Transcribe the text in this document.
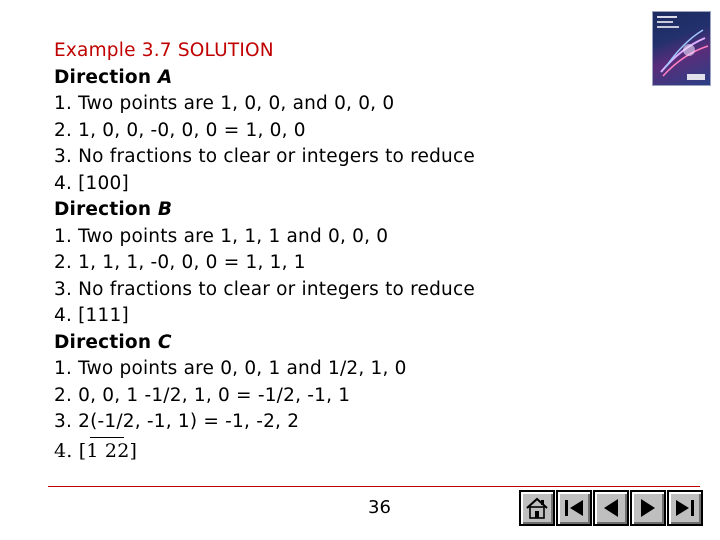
Example 3.7 SOLUTION
Direction A
1. Two points are 1, 0, 0, and 0, 0, 0
2. 1, 0, 0, -0, 0, 0 = 1, 0, 0
3. No fractions to clear or integers to reduce
4. [100]
Direction B
1. Two points are 1, 1, 1 and 0, 0, 0
2. 1, 1, 1, -0, 0, 0 = 1, 1, 1
3. No fractions to clear or integers to reduce
4. [111]
Direction C
1. Two points are 0, 0, 1 and 1/2, 1, 0
2. 0, 0, 1 -1/2, 1, 0 = -1/2, -1, 1
3. 2(-1/2, -1, 1) = -1, -2, 2
4. [1 22]
36
